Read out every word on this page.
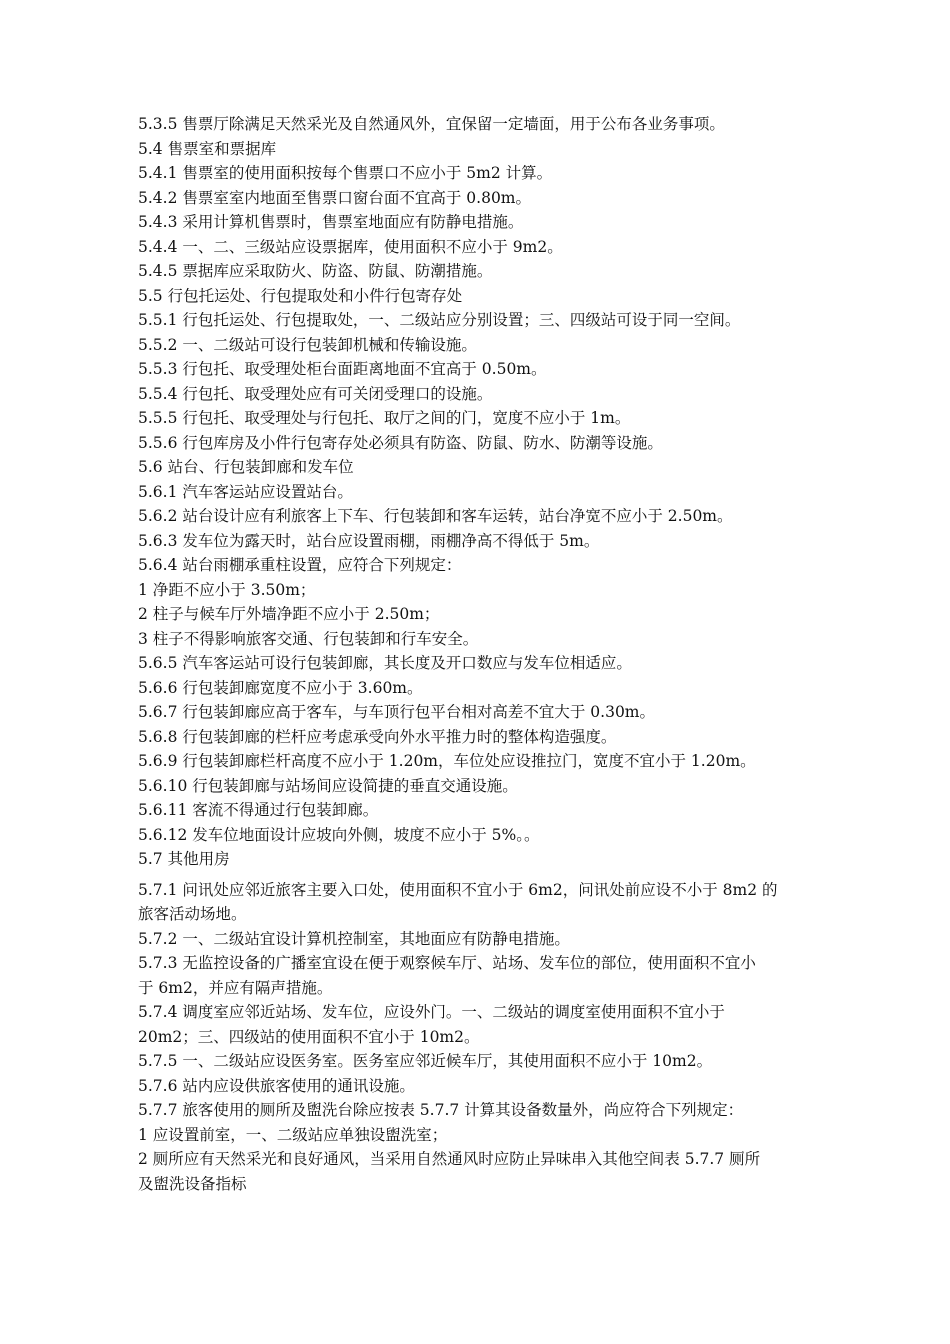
5.3.5 售票厅除满足天然采光及自然通风外，宜保留一定墙面，用于公布各业务事项。
5.4 售票室和票据库
5.4.1 售票室的使用面积按每个售票口不应小于 5m2 计算。
5.4.2 售票室室内地面至售票口窗台面不宜高于 0.80m。
5.4.3 采用计算机售票时，售票室地面应有防静电措施。
5.4.4 一、二、三级站应设票据库，使用面积不应小于 9m2。
5.4.5 票据库应采取防火、防盗、防鼠、防潮措施。
5.5 行包托运处、行包提取处和小件行包寄存处
5.5.1 行包托运处、行包提取处，一、二级站应分别设置；三、四级站可设于同一空间。
5.5.2 一、二级站可设行包装卸机械和传输设施。
5.5.3 行包托、取受理处柜台面距离地面不宜高于 0.50m。
5.5.4 行包托、取受理处应有可关闭受理口的设施。
5.5.5 行包托、取受理处与行包托、取厅之间的门，宽度不应小于 1m。
5.5.6 行包库房及小件行包寄存处必须具有防盗、防鼠、防水、防潮等设施。
5.6 站台、行包装卸廊和发车位
5.6.1 汽车客运站应设置站台。
5.6.2 站台设计应有利旅客上下车、行包装卸和客车运转，站台净宽不应小于 2.50m。
5.6.3 发车位为露天时，站台应设置雨棚，雨棚净高不得低于 5m。
5.6.4 站台雨棚承重柱设置，应符合下列规定：
1 净距不应小于 3.50m；
2 柱子与候车厅外墙净距不应小于 2.50m；
3 柱子不得影响旅客交通、行包装卸和行车安全。
5.6.5 汽车客运站可设行包装卸廊，其长度及开口数应与发车位相适应。
5.6.6 行包装卸廊宽度不应小于 3.60m。
5.6.7 行包装卸廊应高于客车，与车顶行包平台相对高差不宜大于 0.30m。
5.6.8 行包装卸廊的栏杆应考虑承受向外水平推力时的整体构造强度。
5.6.9 行包装卸廊栏杆高度不应小于 1.20m，车位处应设推拉门，宽度不宜小于 1.20m。
5.6.10 行包装卸廊与站场间应设简捷的垂直交通设施。
5.6.11 客流不得通过行包装卸廊。
5.6.12 发车位地面设计应坡向外侧，坡度不应小于 5%。。
5.7 其他用房
5.7.1 问讯处应邻近旅客主要入口处，使用面积不宜小于 6m2，问讯处前应设不小于 8m2 的
旅客活动场地。
5.7.2 一、二级站宜设计算机控制室，其地面应有防静电措施。
5.7.3 无监控设备的广播室宜设在便于观察候车厅、站场、发车位的部位，使用面积不宜小
于 6m2，并应有隔声措施。
5.7.4 调度室应邻近站场、发车位，应设外门。一、二级站的调度室使用面积不宜小于
20m2；三、四级站的使用面积不宜小于 10m2。
5.7.5 一、二级站应设医务室。医务室应邻近候车厅，其使用面积不应小于 10m2。
5.7.6 站内应设供旅客使用的通讯设施。
5.7.7 旅客使用的厕所及盥洗台除应按表 5.7.7 计算其设备数量外，尚应符合下列规定：
1 应设置前室，一、二级站应单独设盥洗室；
2 厕所应有天然采光和良好通风，当采用自然通风时应防止异味串入其他空间表 5.7.7 厕所
及盥洗设备指标
